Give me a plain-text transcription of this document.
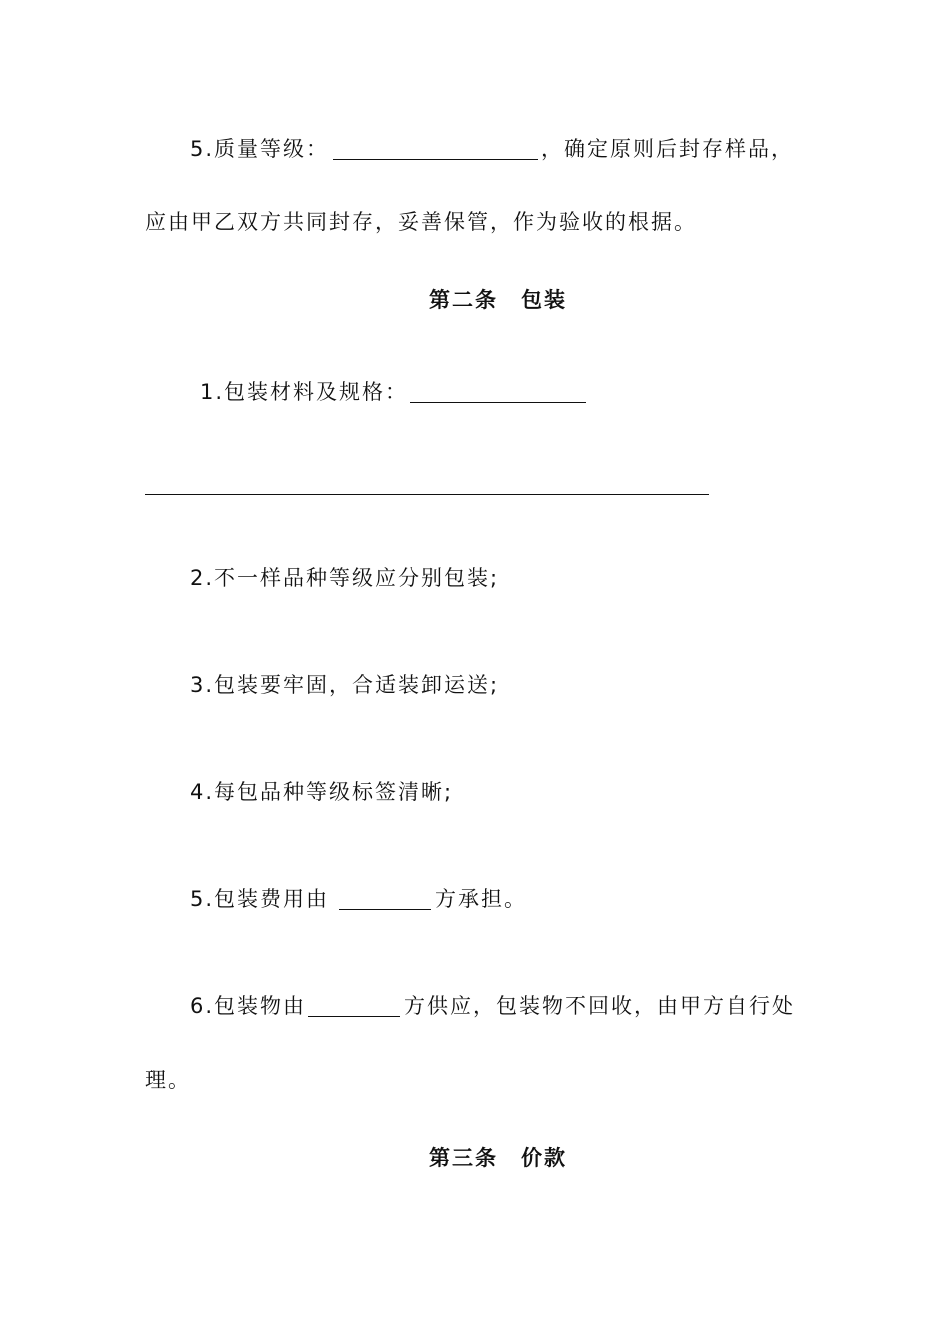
5.质量等级：	，确定原则后封存样品，
应由甲乙双方共同封存，妥善保管，作为验收的根据。
第二条　包装
1.包装材料及规格：
2.不一样品种等级应分别包装;
3.包装要牢固，合适装卸运送;
4.每包品种等级标签清晰;
5.包装费用由	方承担。
6.包装物由	方供应，包装物不回收，由甲方自行处
理。
第三条　价款
